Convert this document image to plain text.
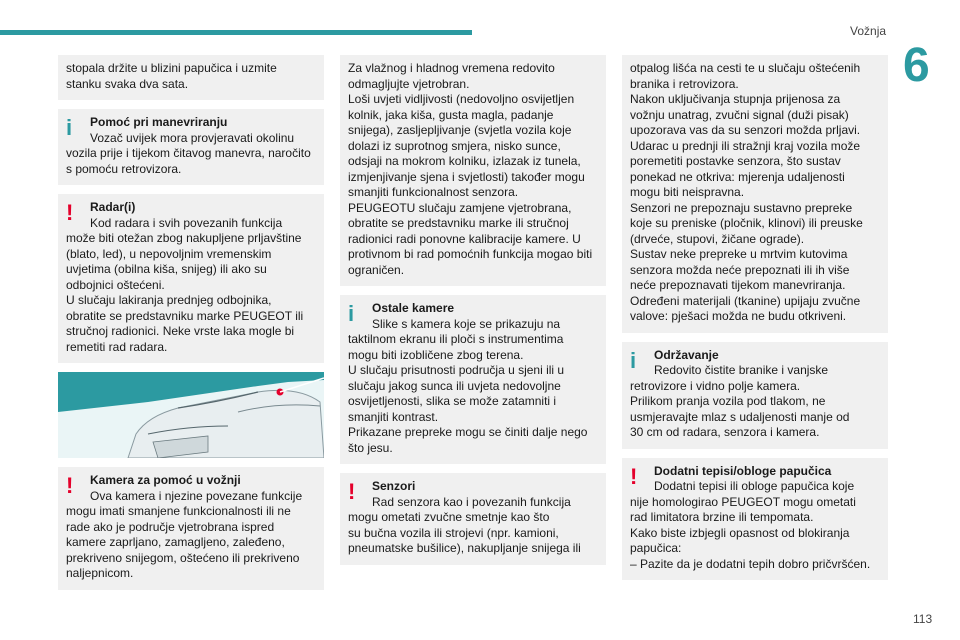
Vožnja
6

stopala držite u blizini papučica i uzmite
stanku svaka dva sata.

i	Pomoć pri manevriranju
Vozač uvijek mora provjeravati okolinu

vozila prije i tijekom čitavog manevra, naročito
s pomoću retrovizora.

!	Radar(i)
Kod radara i svih povezanih funkcija

može biti otežan zbog nakupljene prljavštine
(blato, led), u nepovoljnim vremenskim
uvjetima (obilna kiša, snijeg) ili ako su
odbojnici oštećeni.
U slučaju lakiranja prednjeg odbojnika,
obratite se predstavniku marke PEUGEOT ili
stručnoj radionici. Neke vrste laka mogle bi
remetiti rad radara.

!	Kamera za pomoć u vožnji
Ova kamera i njezine povezane funkcije

mogu imati smanjene funkcionalnosti ili ne
rade ako je područje vjetrobrana ispred
kamere zaprljano, zamagljeno, zaleđeno,
prekriveno snijegom, oštećeno ili prekriveno
naljepnicom.

Za vlažnog i hladnog vremena redovito
odmagljujte vjetrobran.
Loši uvjeti vidljivosti (nedovoljno osvijetljen
kolnik, jaka kiša, gusta magla, padanje
snijega), zasljepljivanje (svjetla vozila koje
dolazi iz suprotnog smjera, nisko sunce,
odsjaji na mokrom kolniku, izlazak iz tunela,
izmjenjivanje sjena i svjetlosti) također mogu
smanjiti funkcionalnost senzora.
PEUGEOTU slučaju zamjene vjetrobrana,
obratite se predstavniku marke ili stručnoj
radionici radi ponovne kalibracije kamere. U
protivnom bi rad pomoćnih funkcija mogao biti
ograničen.

i	Ostale kamere
Slike s kamera koje se prikazuju na

taktilnom ekranu ili ploči s instrumentima
mogu biti izobličene zbog terena.
U slučaju prisutnosti područja u sjeni ili u
slučaju jakog sunca ili uvjeta nedovoljne
osvijetljenosti, slika se može zatamniti i
smanjiti kontrast.
Prikazane prepreke mogu se činiti dalje nego
što jesu.

!	Senzori
Rad senzora kao i povezanih funkcija

mogu ometati zvučne smetnje kao što
su bučna vozila ili strojevi (npr. kamioni,
pneumatske bušilice), nakupljanje snijega ili

otpalog lišća na cesti te u slučaju oštećenih
branika i retrovizora.
Nakon uključivanja stupnja prijenosa za
vožnju unatrag, zvučni signal (duži pisak)
upozorava vas da su senzori možda prljavi.
Udarac u prednji ili stražnji kraj vozila može
poremetiti postavke senzora, što sustav
ponekad ne otkriva: mjerenja udaljenosti
mogu biti neispravna.
Senzori ne prepoznaju sustavno prepreke
koje su preniske (pločnik, klinovi) ili preuske
(drveće, stupovi, žičane ograde).
Sustav neke prepreke u mrtvim kutovima
senzora možda neće prepoznati ili ih više
neće prepoznavati tijekom manevriranja.
Određeni materijali (tkanine) upijaju zvučne
valove: pješaci možda ne budu otkriveni.

i	Održavanje
Redovito čistite branike i vanjske

retrovizore i vidno polje kamera.
Prilikom pranja vozila pod tlakom, ne
usmjeravajte mlaz s udaljenosti manje od
30 cm od radara, senzora i kamera.

!	Dodatni tepisi/obloge papučica
Dodatni tepisi ili obloge papučica koje

nije homologirao PEUGEOT mogu ometati
rad limitatora brzine ili tempomata.
Kako biste izbjegli opasnost od blokiranja
papučica:
– Pazite da je dodatni tepih dobro pričvršćen.

113
